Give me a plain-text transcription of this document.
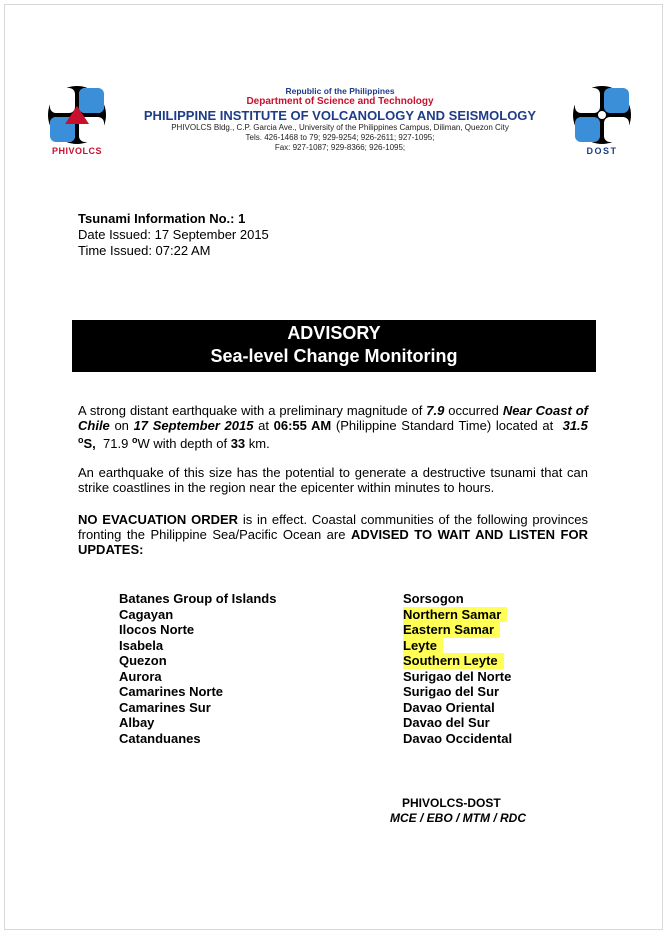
PHIVOLCS
Republic of the Philippines
Department of Science and Technology
PHILIPPINE INSTITUTE OF VOLCANOLOGY AND SEISMOLOGY
PHIVOLCS Bldg., C.P. Garcia Ave., University of the Philippines Campus, Diliman, Quezon City
Tels. 426-1468 to 79; 929-9254; 926-2611; 927-1095;
Fax: 927-1087; 929-8366; 926-1095;	DOST
Tsunami Information No.: 1
Date Issued: 17 September 2015
Time Issued: 07:22 AM
ADVISORY
Sea-level Change Monitoring
A strong distant earthquake with a preliminary magnitude of 7.9 occurred Near Coast of Chile on 17 September 2015 at 06:55 AM (Philippine Standard Time) located at 31.5 $^o$S, 71.9 $^o$W with depth of 33 km.
An earthquake of this size has the potential to generate a destructive tsunami that can strike coastlines in the region near the epicenter within minutes to hours.
NO EVACUATION ORDER is in effect. Coastal communities of the following provinces fronting the Philippine Sea/Pacific Ocean are ADVISED TO WAIT AND LISTEN FOR UPDATES:
Batanes Group of Islands
Cagayan
Ilocos Norte
Isabela
Quezon
Aurora
Camarines Norte
Camarines Sur
Albay
Catanduanes
Sorsogon
Northern Samar
Eastern Samar
Leyte
Southern Leyte
Surigao del Norte
Surigao del Sur
Davao Oriental
Davao del Sur
Davao Occidental
PHIVOLCS-DOST
MCE / EBO / MTM / RDC
